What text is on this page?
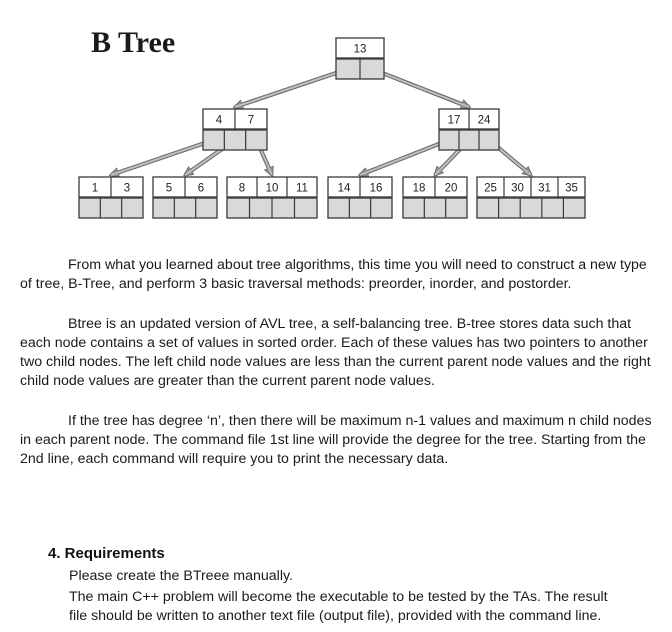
B Tree	13
4 7	17 24
1 3	5 6	8 10 11	14 16	18 20 25 30 31 35

From what you learned about tree algorithms, this time you will need to construct a new type of tree, B-Tree, and perform 3 basic traversal methods: preorder, inorder, and postorder.

Btree is an updated version of AVL tree, a self-balancing tree. B-tree stores data such that each node contains a set of values in sorted order. Each of these values has two pointers to another two child nodes. The left child node values are less than the current parent node values and the right child node values are greater than the current parent node values.

If the tree has degree ‘n’, then there will be maximum n-1 values and maximum n child nodes in each parent node. The command file 1st line will provide the degree for the tree. Starting from the 2nd line, each command will require you to print the necessary data.

4. Requirements
Please create the BTreee manually.
The main C++ problem will become the executable to be tested by the TAs. The result
file should be written to another text file (output file), provided with the command line.
